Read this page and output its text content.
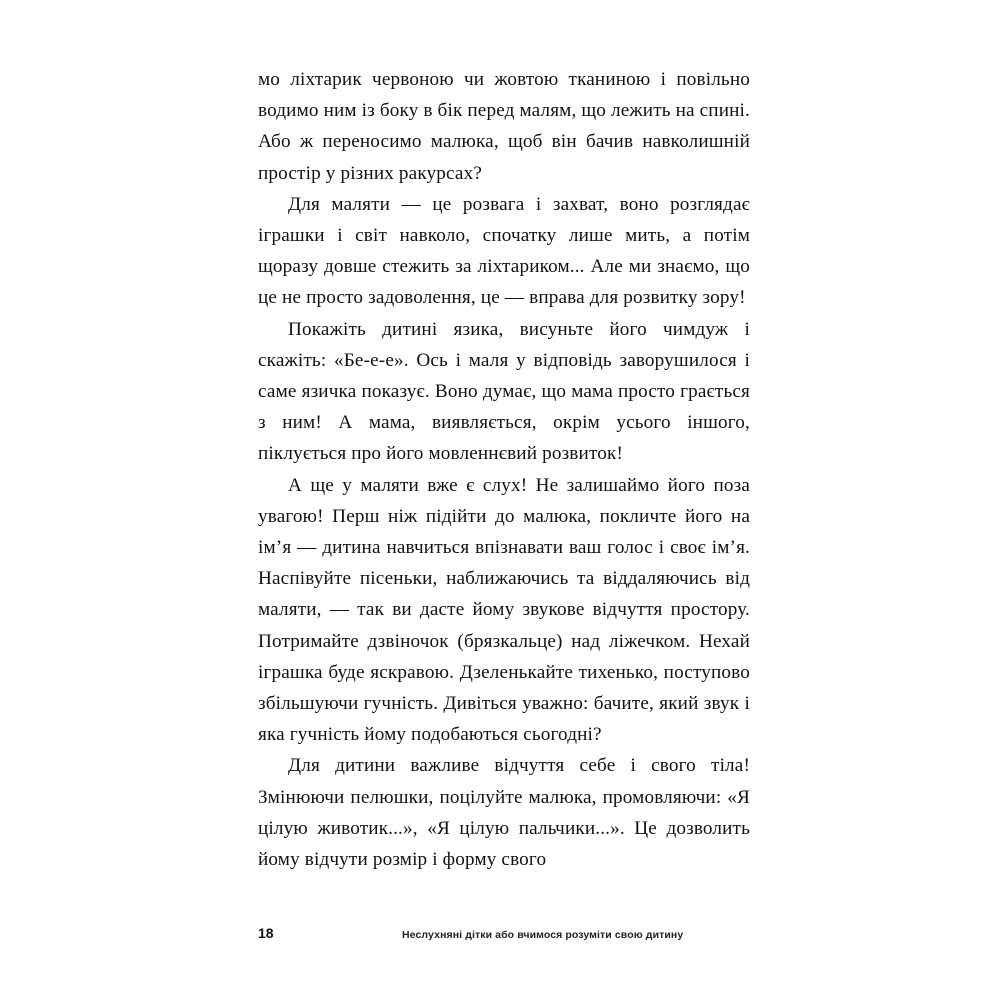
мо ліхтарик червоною чи жовтою тканиною і повільно водимо ним із боку в бік перед малям, що лежить на спині. Або ж переносимо малюка, щоб він бачив навколишній простір у різних ракурсах?

Для маляти — це розвага і захват, воно розглядає іграшки і світ навколо, спочатку лише мить, а потім щоразу довше стежить за ліхтариком... Але ми знаємо, що це не просто задоволення, це — вправа для розвитку зору!

Покажіть дитині язика, висуньте його чимдуж і скажіть: «Бе-е-е». Ось і маля у відповідь заворушилося і саме язичка показує. Воно думає, що мама просто грається з ним! А мама, виявляється, окрім усього іншого, піклується про його мовленнєвий розвиток!

А ще у маляти вже є слух! Не залишаймо його поза увагою! Перш ніж підійти до малюка, покличте його на ім’я — дитина навчиться впізнавати ваш голос і своє ім’я. Наспівуйте пісеньки, наближаючись та віддаляючись від маляти, — так ви дасте йому звукове відчуття простору. Потримайте дзвіночок (брязкальце) над ліжечком. Нехай іграшка буде яскравою. Дзеленькайте тихенько, поступово збільшуючи гучність. Дивіться уважно: бачите, який звук і яка гучність йому подобаються сьогодні?

Для дитини важливе відчуття себе і свого тіла! Змінюючи пелюшки, поцілуйте малюка, промовляючи: «Я цілую животик...», «Я цілую пальчики...». Це дозволить йому відчути розмір і форму свого

18	Неслухняні дітки або вчимося розуміти свою дитину
